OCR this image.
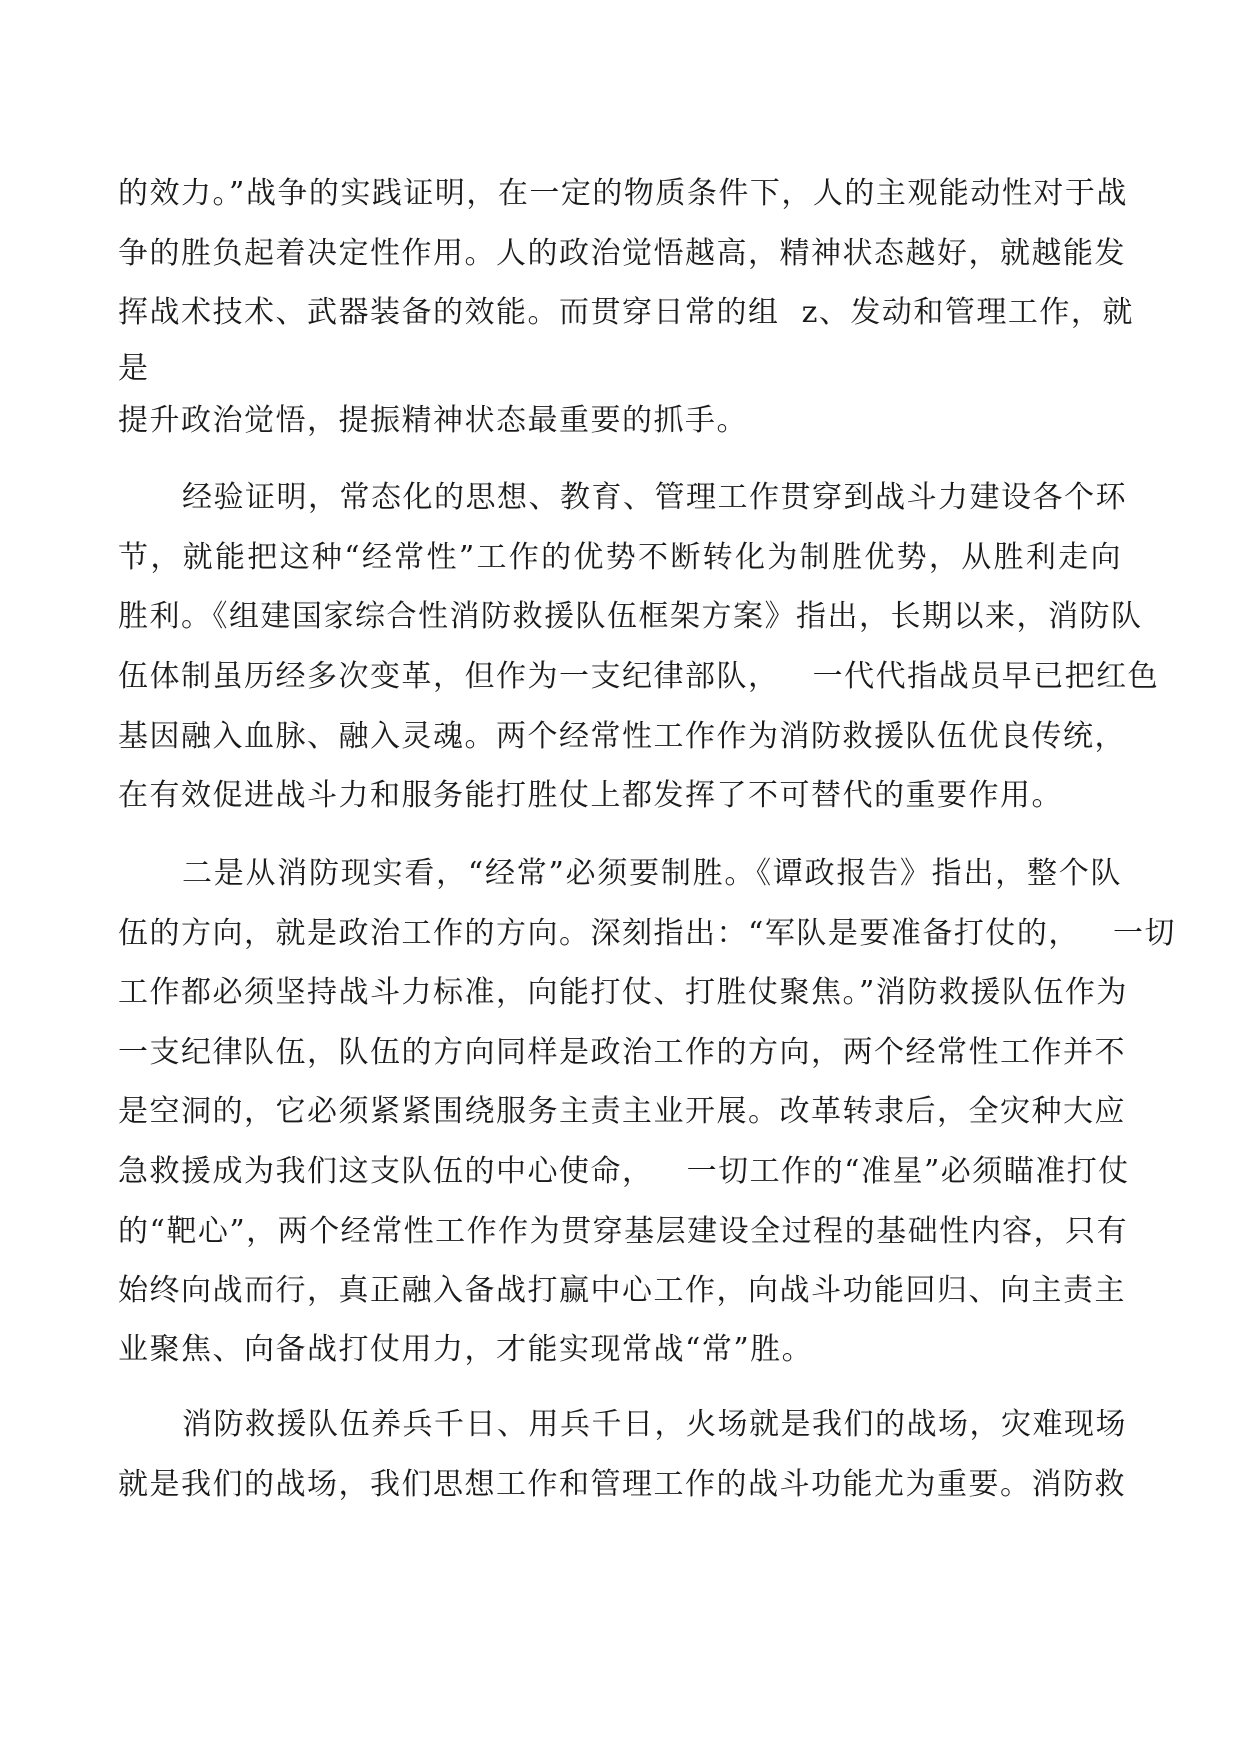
的效力。”战争的实践证明，在一定的物质条件下，人的主观能动性对于战
争的胜负起着决定性作用。人的政治觉悟越高，精神状态越好，就越能发
挥战术技术、武器装备的效能。而贯穿日常的组  z、发动和管理工作，就
是
提升政治觉悟，提振精神状态最重要的抓手。
经验证明，常态化的思想、教育、管理工作贯穿到战斗力建设各个环
节，就能把这种“经常性”工作的优势不断转化为制胜优势，从胜利走向
胜利。《组建国家综合性消防救援队伍框架方案》指出，长期以来，消防队
伍体制虽历经多次变革，但作为一支纪律部队，   一代代指战员早已把红色
基因融入血脉、融入灵魂。两个经常性工作作为消防救援队伍优良传统，
在有效促进战斗力和服务能打胜仗上都发挥了不可替代的重要作用。
二是从消防现实看，“经常”必须要制胜。《谭政报告》指出，整个队
伍的方向，就是政治工作的方向。深刻指出：“军队是要准备打仗的，   一切
工作都必须坚持战斗力标准，向能打仗、打胜仗聚焦。”消防救援队伍作为
一支纪律队伍，队伍的方向同样是政治工作的方向，两个经常性工作并不
是空洞的，它必须紧紧围绕服务主责主业开展。改革转隶后，全灾种大应
急救援成为我们这支队伍的中心使命，   一切工作的“准星”必须瞄准打仗
的“靶心”，两个经常性工作作为贯穿基层建设全过程的基础性内容，只有
始终向战而行，真正融入备战打赢中心工作，向战斗功能回归、向主责主
业聚焦、向备战打仗用力，才能实现常战“常”胜。
消防救援队伍养兵千日、用兵千日，火场就是我们的战场，灾难现场
就是我们的战场，我们思想工作和管理工作的战斗功能尤为重要。消防救
